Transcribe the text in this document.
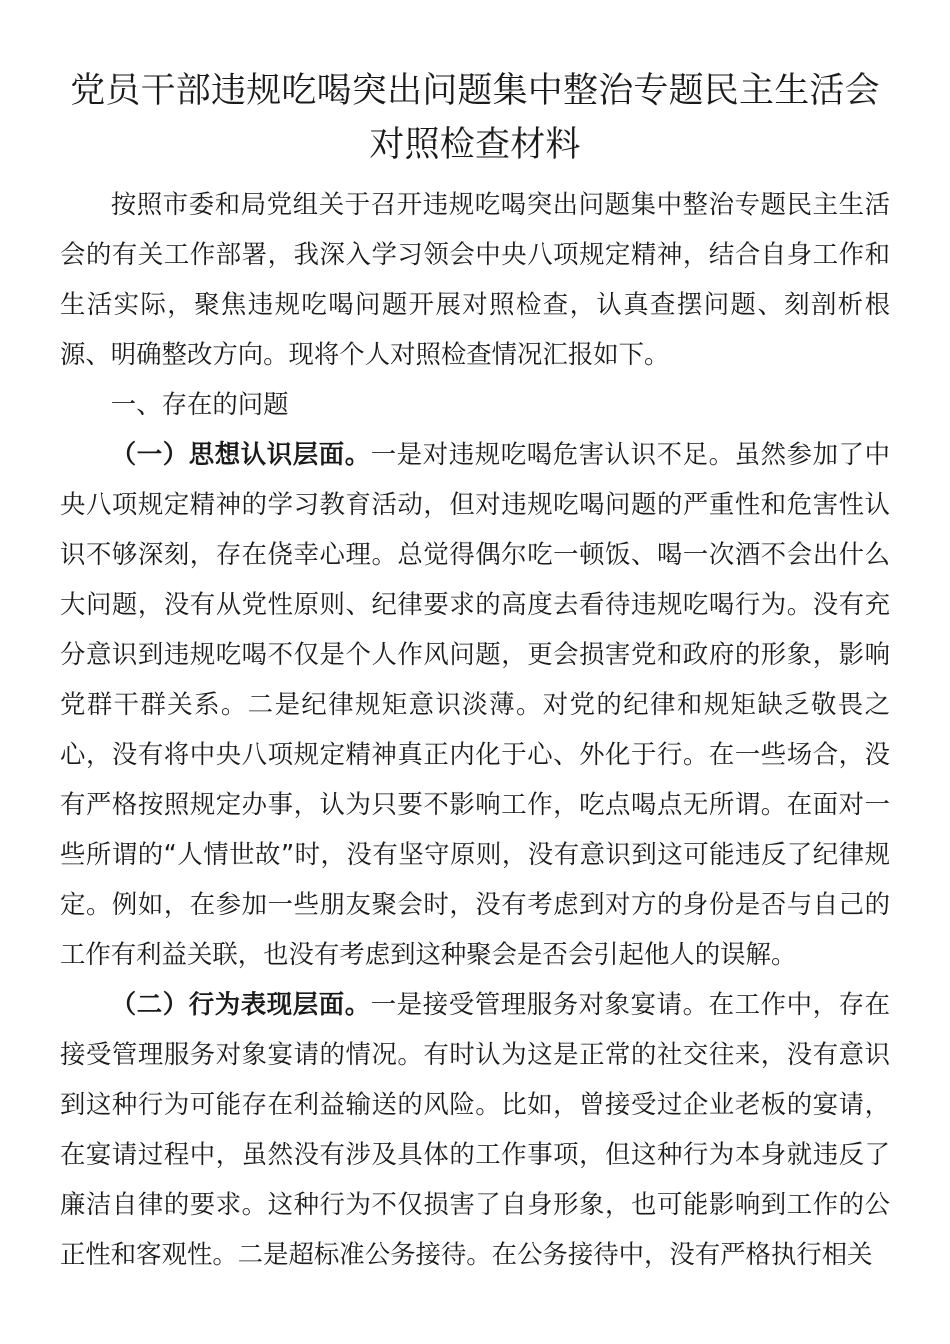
党员干部违规吃喝突出问题集中整治专题民主生活会
对照检查材料

按照市委和局党组关于召开违规吃喝突出问题集中整治专题民主生活会的有关工作部署，我深入学习领会中央八项规定精神，结合自身工作和生活实际，聚焦违规吃喝问题开展对照检查，认真查摆问题、刻剖析根源、明确整改方向。现将个人对照检查情况汇报如下。

一、存在的问题

（一）思想认识层面。一是对违规吃喝危害认识不足。虽然参加了中央八项规定精神的学习教育活动，但对违规吃喝问题的严重性和危害性认识不够深刻，存在侥幸心理。总觉得偶尔吃一顿饭、喝一次酒不会出什么大问题，没有从党性原则、纪律要求的高度去看待违规吃喝行为。没有充分意识到违规吃喝不仅是个人作风问题，更会损害党和政府的形象，影响党群干群关系。二是纪律规矩意识淡薄。对党的纪律和规矩缺乏敬畏之心，没有将中央八项规定精神真正内化于心、外化于行。在一些场合，没有严格按照规定办事，认为只要不影响工作，吃点喝点无所谓。在面对一些所谓的“人情世故”时，没有坚守原则，没有意识到这可能违反了纪律规定。例如，在参加一些朋友聚会时，没有考虑到对方的身份是否与自己的工作有利益关联，也没有考虑到这种聚会是否会引起他人的误解。

（二）行为表现层面。一是接受管理服务对象宴请。在工作中，存在接受管理服务对象宴请的情况。有时认为这是正常的社交往来，没有意识到这种行为可能存在利益输送的风险。比如，曾接受过企业老板的宴请，在宴请过程中，虽然没有涉及具体的工作事项，但这种行为本身就违反了廉洁自律的要求。这种行为不仅损害了自身形象，也可能影响到工作的公正性和客观性。二是超标准公务接待。在公务接待中，没有严格执行相关
